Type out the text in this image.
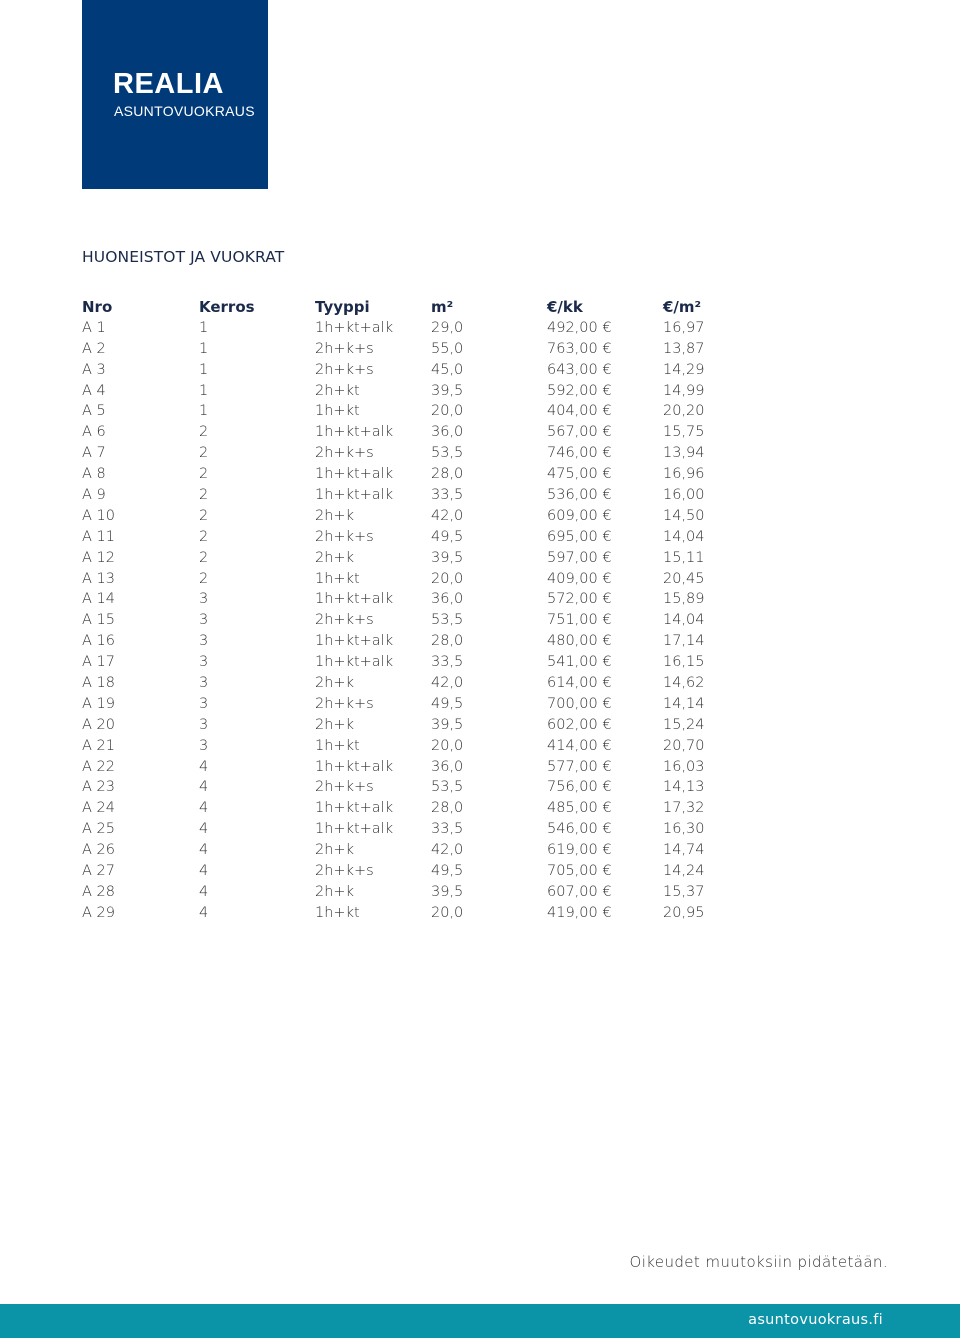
REALIA
ASUNTOVUOKRAUS
HUONEISTOT JA VUOKRAT
Nro	Kerros	Tyyppi	m²	€/kk	€/m²
A 1	1	1h+kt+alk	29,0	492,00 €	16,97
A 2	1	2h+k+s	55,0	763,00 €	13,87
A 3	1	2h+k+s	45,0	643,00 €	14,29
A 4	1	2h+kt	39,5	592,00 €	14,99
A 5	1	1h+kt	20,0	404,00 €	20,20
A 6	2	1h+kt+alk	36,0	567,00 €	15,75
A 7	2	2h+k+s	53,5	746,00 €	13,94
A 8	2	1h+kt+alk	28,0	475,00 €	16,96
A 9	2	1h+kt+alk	33,5	536,00 €	16,00
A 10	2	2h+k	42,0	609,00 €	14,50
A 11	2	2h+k+s	49,5	695,00 €	14,04
A 12	2	2h+k	39,5	597,00 €	15,11
A 13	2	1h+kt	20,0	409,00 €	20,45
A 14	3	1h+kt+alk	36,0	572,00 €	15,89
A 15	3	2h+k+s	53,5	751,00 €	14,04
A 16	3	1h+kt+alk	28,0	480,00 €	17,14
A 17	3	1h+kt+alk	33,5	541,00 €	16,15
A 18	3	2h+k	42,0	614,00 €	14,62
A 19	3	2h+k+s	49,5	700,00 €	14,14
A 20	3	2h+k	39,5	602,00 €	15,24
A 21	3	1h+kt	20,0	414,00 €	20,70
A 22	4	1h+kt+alk	36,0	577,00 €	16,03
A 23	4	2h+k+s	53,5	756,00 €	14,13
A 24	4	1h+kt+alk	28,0	485,00 €	17,32
A 25	4	1h+kt+alk	33,5	546,00 €	16,30
A 26	4	2h+k	42,0	619,00 €	14,74
A 27	4	2h+k+s	49,5	705,00 €	14,24
A 28	4	2h+k	39,5	607,00 €	15,37
A 29	4	1h+kt	20,0	419,00 €	20,95
Oikeudet muutoksiin pidätetään.
asuntovuokraus.fi
